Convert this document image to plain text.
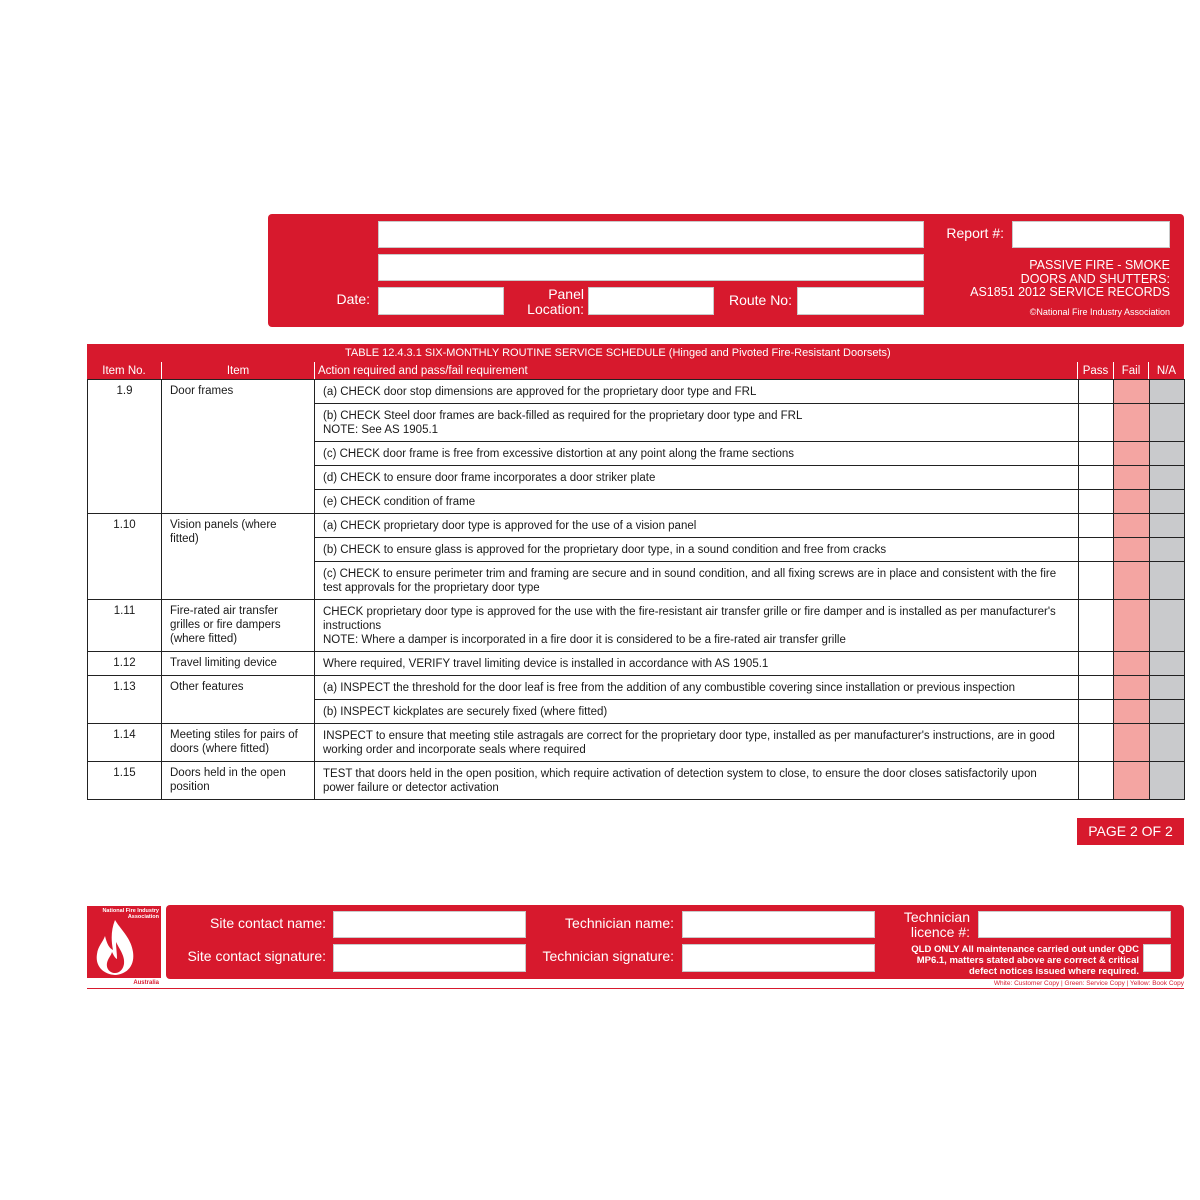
Date:	Panel
Location:
Route No:
Report #:
PASSIVE FIRE - SMOKE
DOORS AND SHUTTERS:
AS1851 2012 SERVICE RECORDS
©National Fire Industry Association
TABLE 12.4.3.1 SIX-MONTHLY ROUTINE SERVICE SCHEDULE (Hinged and Pivoted Fire-Resistant Doorsets)
Item No.	Item	Action required and pass/fail requirement	Pass	Fail	N/A
1.9	Door frames	(a) CHECK door stop dimensions are approved for the proprietary door type and FRL			
		(b) CHECK Steel door frames are back-filled as required for the proprietary door type and FRL
NOTE: See AS 1905.1			
		(c) CHECK door frame is free from excessive distortion at any point along the frame sections			
		(d) CHECK to ensure door frame incorporates a door striker plate			
		(e) CHECK condition of frame			
1.10	Vision panels (where fitted)	(a) CHECK proprietary door type is approved for the use of a vision panel			
		(b) CHECK to ensure glass is approved for the proprietary door type, in a sound condition and free from cracks			
		(c) CHECK to ensure perimeter trim and framing are secure and in sound condition, and all fixing screws are in place and consistent with the fire test approvals for the proprietary door type			
1.11	Fire-rated air transfer grilles or fire dampers (where fitted)	CHECK proprietary door type is approved for the use with the fire-resistant air transfer grille or fire damper and is installed as per manufacturer's instructions
NOTE: Where a damper is incorporated in a fire door it is considered to be a fire-rated air transfer grille			
1.12	Travel limiting device	Where required, VERIFY travel limiting device is installed in accordance with AS 1905.1			
1.13	Other features	(a) INSPECT the threshold for the door leaf is free from the addition of any combustible covering since installation or previous inspection			
		(b) INSPECT kickplates are securely fixed (where fitted)			
1.14	Meeting stiles for pairs of doors (where fitted)	INSPECT to ensure that meeting stile astragals are correct for the proprietary door type, installed as per manufacturer's instructions, are in good working order and incorporate seals where required			
1.15	Doors held in the open position	TEST that doors held in the open position, which require activation of detection system to close, to ensure the door closes satisfactorily upon power failure or detector activation			
PAGE 2 OF 2
National Fire Industry Association
Australia
Site contact name:
Site contact signature:
Technician name:
Technician signature:
Technician
licence #:
QLD ONLY All maintenance carried out under QDC MP6.1, matters stated above are correct & critical defect notices issued where required.
White: Customer Copy | Green: Service Copy | Yellow: Book Copy
